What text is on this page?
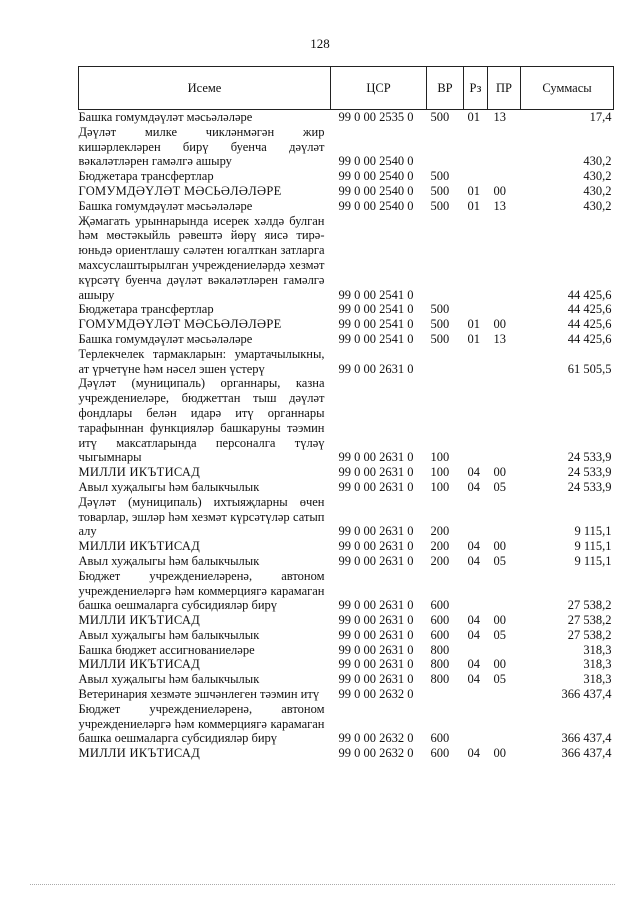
128
Исеме	ЦСР	ВР	Рз	ПР	Суммасы
Башка гомумдәүләт мәсьәләләре	99 0 00 2535 0	500	01	13	17,4
Дәүләт милке чикләнмәгән жир кишәрлекләрен бирү буенча дәүләт вәкаләтләрен гамәлгә ашыру	99 0 00 2540 0				430,2
Бюджетара трансфертлар	99 0 00 2540 0	500			430,2
ГОМУМДӘҮЛӘТ МӘСЬӘЛӘЛӘРЕ	99 0 00 2540 0	500	01	00	430,2
Башка гомумдәүләт мәсьәләләре	99 0 00 2540 0	500	01	13	430,2
Җәмагать урыннарында исерек хәлдә булган һәм мөстәкыйль рәвештә йөрү яисә тирә-юньдә ориентлашу сәләтен югалткан затларга махсуслаштырылган учреждениеләрдә хезмәт күрсәтү буенча дәүләт вәкаләтләрен гамәлгә ашыру	99 0 00 2541 0				44 425,6
Бюджетара трансфертлар	99 0 00 2541 0	500			44 425,6
ГОМУМДӘҮЛӘТ МӘСЬӘЛӘЛӘРЕ	99 0 00 2541 0	500	01	00	44 425,6
Башка гомумдәүләт мәсьәләләре	99 0 00 2541 0	500	01	13	44 425,6
Терлекчелек тармакларын: умартачылыкны, ат үрчетүне һәм нәсел эшен үстерү	99 0 00 2631 0				61 505,5
Дәүләт (муниципаль) органнары, казна учреждениеләре, бюджеттан тыш дәүләт фондлары белән идарә итү органнары тарафыннан функцияләр башкаруны тәэмин итү максатларында персоналга түләү чыгымнары	99 0 00 2631 0	100			24 533,9
МИЛЛИ ИКЪТИСАД	99 0 00 2631 0	100	04	00	24 533,9
Авыл хуҗалыгы һәм балыкчылык	99 0 00 2631 0	100	04	05	24 533,9
Дәүләт (муниципаль) ихтыяҗларны өчен товарлар, эшләр һәм хезмәт күрсәтүләр сатып алу	99 0 00 2631 0	200			9 115,1
МИЛЛИ ИКЪТИСАД	99 0 00 2631 0	200	04	00	9 115,1
Авыл хуҗалыгы һәм балыкчылык	99 0 00 2631 0	200	04	05	9 115,1
Бюджет учреждениеләренә, автоном учреждениеләргә һәм коммерциягә карамаган башка оешмаларга субсидияләр бирү	99 0 00 2631 0	600			27 538,2
МИЛЛИ ИКЪТИСАД	99 0 00 2631 0	600	04	00	27 538,2
Авыл хуҗалыгы һәм балыкчылык	99 0 00 2631 0	600	04	05	27 538,2
Башка бюджет ассигнованиеләре	99 0 00 2631 0	800			318,3
МИЛЛИ ИКЪТИСАД	99 0 00 2631 0	800	04	00	318,3
Авыл хуҗалыгы һәм балыкчылык	99 0 00 2631 0	800	04	05	318,3
Ветеринария хезмәте эшчәнлеген тәэмин итү	99 0 00 2632 0				366 437,4
Бюджет учреждениеләренә, автоном учреждениеләргә һәм коммерциягә карамаган башка оешмаларга субсидияләр бирү	99 0 00 2632 0	600			366 437,4
МИЛЛИ ИКЪТИСАД	99 0 00 2632 0	600	04	00	366 437,4
